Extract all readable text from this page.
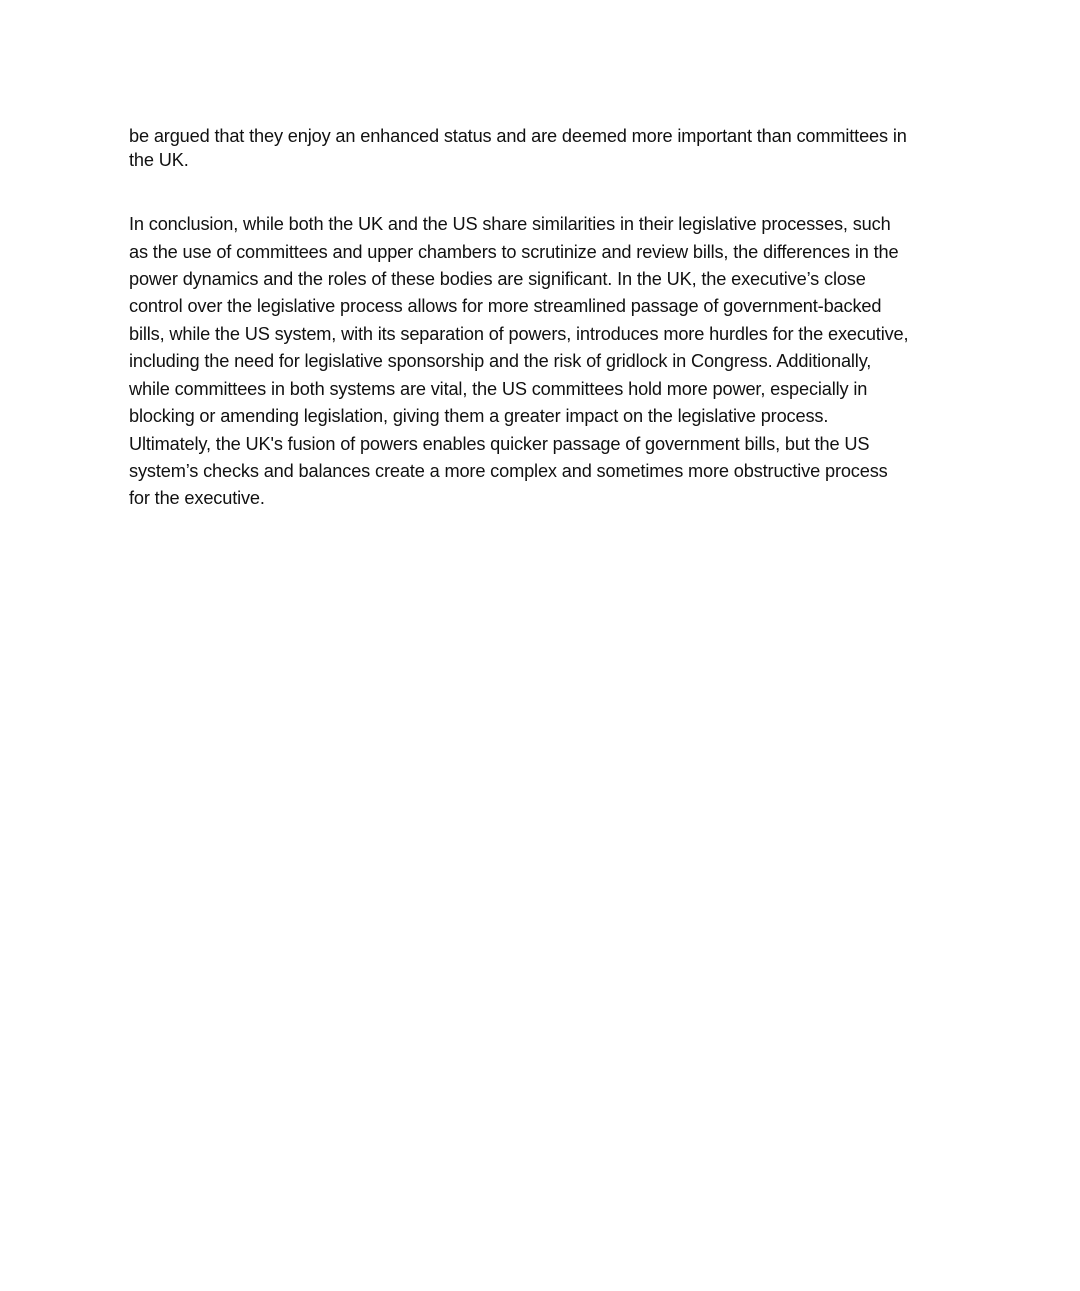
be argued that they enjoy an enhanced status and are deemed more important than committees in
the UK.
In conclusion, while both the UK and the US share similarities in their legislative processes, such
as the use of committees and upper chambers to scrutinize and review bills, the differences in the
power dynamics and the roles of these bodies are significant. In the UK, the executive’s close
control over the legislative process allows for more streamlined passage of government-backed
bills, while the US system, with its separation of powers, introduces more hurdles for the executive,
including the need for legislative sponsorship and the risk of gridlock in Congress. Additionally,
while committees in both systems are vital, the US committees hold more power, especially in
blocking or amending legislation, giving them a greater impact on the legislative process.
Ultimately, the UK's fusion of powers enables quicker passage of government bills, but the US
system’s checks and balances create a more complex and sometimes more obstructive process
for the executive.
